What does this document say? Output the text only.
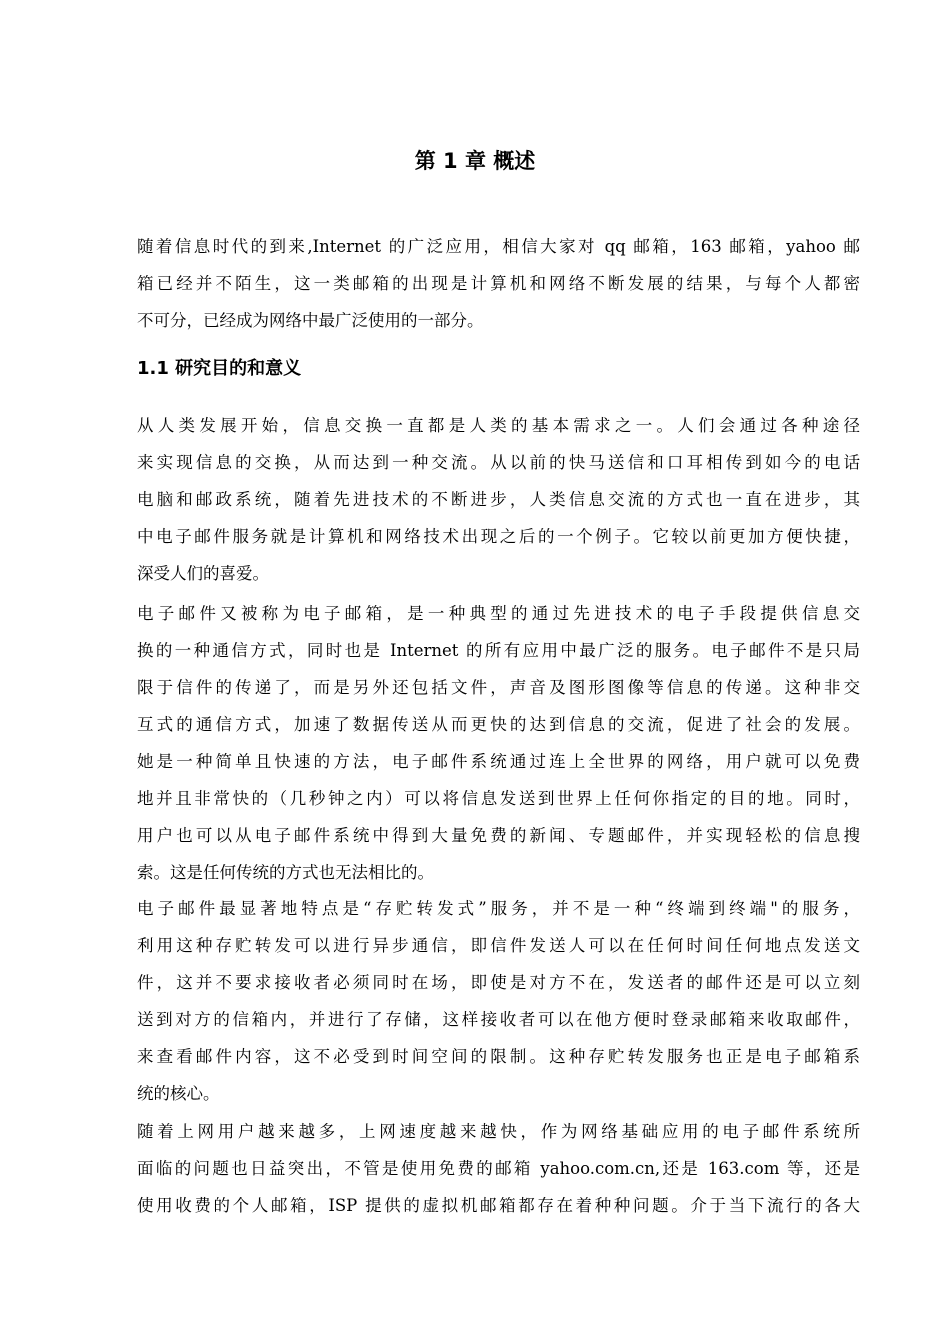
第 1 章 概述
随着信息时代的到来,Internet 的广泛应用，相信大家对 qq 邮箱，163 邮箱，yahoo 邮
箱已经并不陌生，这一类邮箱的出现是计算机和网络不断发展的结果，与每个人都密
不可分，已经成为网络中最广泛使用的一部分。
1.1 研究目的和意义
从人类发展开始，信息交换一直都是人类的基本需求之一。人们会通过各种途径
来实现信息的交换，从而达到一种交流。从以前的快马送信和口耳相传到如今的电话
电脑和邮政系统，随着先进技术的不断进步，人类信息交流的方式也一直在进步，其
中电子邮件服务就是计算机和网络技术出现之后的一个例子。它较以前更加方便快捷，
深受人们的喜爱。
电子邮件又被称为电子邮箱，是一种典型的通过先进技术的电子手段提供信息交
换的一种通信方式，同时也是 Internet 的所有应用中最广泛的服务。电子邮件不是只局
限于信件的传递了，而是另外还包括文件，声音及图形图像等信息的传递。这种非交
互式的通信方式，加速了数据传送从而更快的达到信息的交流，促进了社会的发展。
她是一种简单且快速的方法，电子邮件系统通过连上全世界的网络，用户就可以免费
地并且非常快的（几秒钟之内）可以将信息发送到世界上任何你指定的目的地。同时，
用户也可以从电子邮件系统中得到大量免费的新闻、专题邮件，并实现轻松的信息搜
索。这是任何传统的方式也无法相比的。
电子邮件最显著地特点是“存贮转发式”服务，并不是一种“终端到终端"的服务，
利用这种存贮转发可以进行异步通信，即信件发送人可以在任何时间任何地点发送文
件，这并不要求接收者必须同时在场，即使是对方不在，发送者的邮件还是可以立刻
送到对方的信箱内，并进行了存储，这样接收者可以在他方便时登录邮箱来收取邮件，
来查看邮件内容，这不必受到时间空间的限制。这种存贮转发服务也正是电子邮箱系
统的核心。
随着上网用户越来越多，上网速度越来越快，作为网络基础应用的电子邮件系统所
面临的问题也日益突出，不管是使用免费的邮箱 yahoo.com.cn,还是 163.com 等，还是
使用收费的个人邮箱，ISP 提供的虚拟机邮箱都存在着种种问题。介于当下流行的各大
